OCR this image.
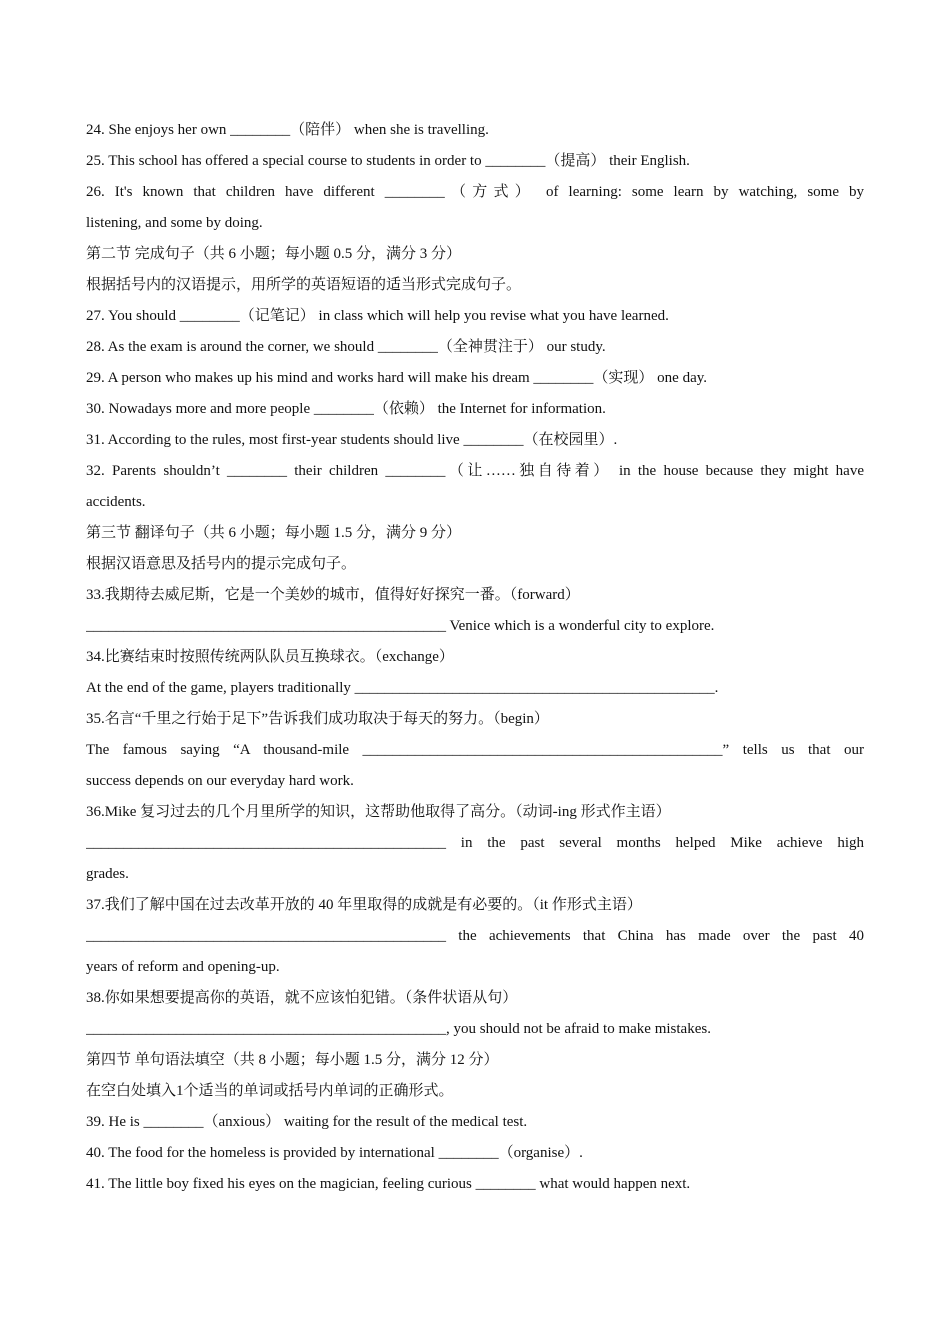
24. She enjoys her own ________（陪伴） when she is travelling.
25. This school has offered a special course to students in order to ________（提高） their English.
26. It's known that children have different ________（方式） of learning: some learn by watching, some by
listening, and some by doing.
第二节 完成句子（共 6 小题；每小题 0.5 分，满分 3 分）
根据括号内的汉语提示，用所学的英语短语的适当形式完成句子。
27. You should ________（记笔记） in class which will help you revise what you have learned.
28. As the exam is around the corner, we should ________（全神贯注于） our study.
29. A person who makes up his mind and works hard will make his dream ________（实现） one day.
30. Nowadays more and more people ________（依赖） the Internet for information.
31. According to the rules, most first-year students should live ________（在校园里）.
32. Parents shouldn’t ________ their children ________（让……独自待着） in the house because they might have
accidents.
第三节 翻译句子（共 6 小题；每小题 1.5 分，满分 9 分）
根据汉语意思及括号内的提示完成句子。
33.我期待去威尼斯，它是一个美妙的城市，值得好好探究一番。（forward）
________________________________________________ Venice which is a wonderful city to explore.
34.比赛结束时按照传统两队队员互换球衣。（exchange）
At the end of the game, players traditionally ________________________________________________.
35.名言“千里之行始于足下”告诉我们成功取决于每天的努力。（begin）
The famous saying “A thousand-mile ________________________________________________” tells us that our
success depends on our everyday hard work.
36.Mike 复习过去的几个月里所学的知识，这帮助他取得了高分。（动词-ing 形式作主语）
________________________________________________ in the past several months helped Mike achieve high
grades.
37.我们了解中国在过去改革开放的 40 年里取得的成就是有必要的。（it 作形式主语）
________________________________________________ the achievements that China has made over the past 40
years of reform and opening-up.
38.你如果想要提高你的英语，就不应该怕犯错。（条件状语从句）
________________________________________________, you should not be afraid to make mistakes.
第四节 单句语法填空（共 8 小题；每小题 1.5 分，满分 12 分）
在空白处填入1个适当的单词或括号内单词的正确形式。
39. He is ________（anxious） waiting for the result of the medical test.
40. The food for the homeless is provided by international ________（organise）.
41. The little boy fixed his eyes on the magician, feeling curious ________ what would happen next.
